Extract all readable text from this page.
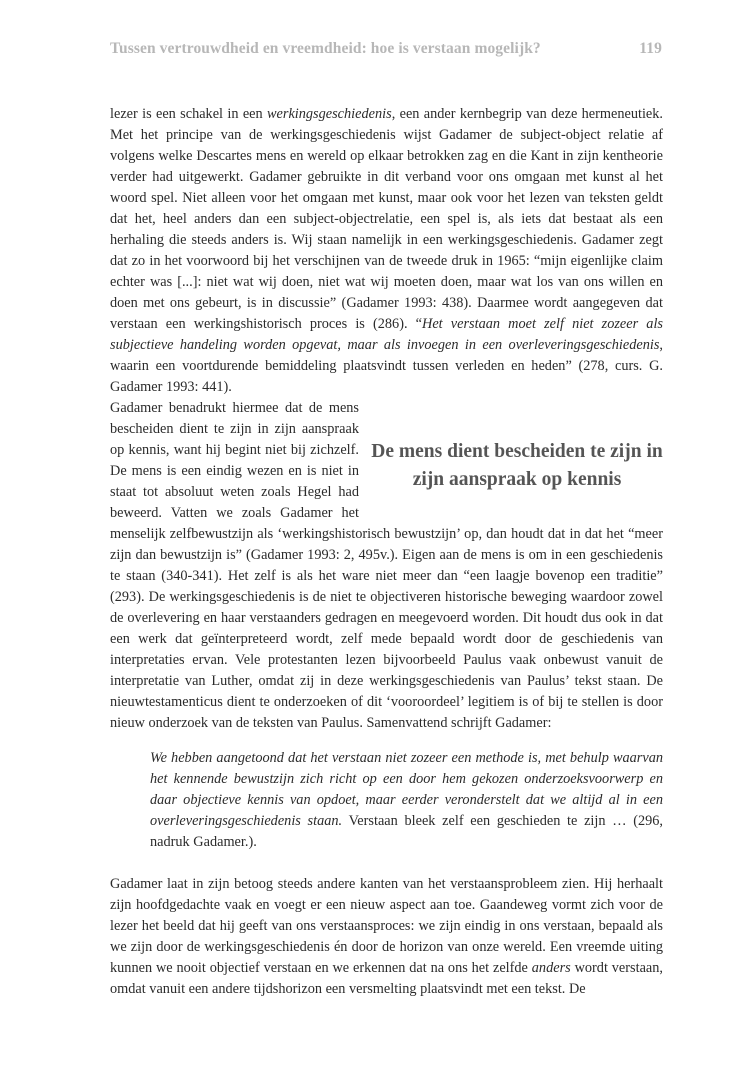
Tussen vertrouwdheid en vreemdheid: hoe is verstaan mogelijk?	119

lezer is een schakel in een werkingsgeschiedenis, een ander kernbegrip van deze hermeneutiek. Met het principe van de werkingsgeschiedenis wijst Gadamer de subject-object relatie af volgens welke Descartes mens en wereld op elkaar betrokken zag en die Kant in zijn kentheorie verder had uitgewerkt. Gadamer gebruikte in dit verband voor ons omgaan met kunst al het woord spel. Niet alleen voor het omgaan met kunst, maar ook voor het lezen van teksten geldt dat het, heel anders dan een subject-objectrelatie, een spel is, als iets dat bestaat als een herhaling die steeds anders is. Wij staan namelijk in een werkingsgeschiedenis. Gadamer zegt dat zo in het voorwoord bij het verschijnen van de tweede druk in 1965: “mijn eigenlijke claim echter was [...]: niet wat wij doen, niet wat wij moeten doen, maar wat los van ons willen en doen met ons gebeurt, is in discussie” (Gadamer 1993: 438). Daarmee wordt aangegeven dat verstaan een werkingshistorisch proces is (286). “Het verstaan moet zelf niet zozeer als subjectieve handeling worden opgevat, maar als invoegen in een overleveringsgeschiedenis, waarin een voortdurende bemiddeling plaatsvindt tussen verleden en heden” (278, curs. G. Gadamer 1993: 441).

De mens dient bescheiden te zijn in zijn aanspraak op kennis

Gadamer benadrukt hiermee dat de mens bescheiden dient te zijn in zijn aanspraak op kennis, want hij begint niet bij zichzelf. De mens is een eindig wezen en is niet in staat tot absoluut weten zoals Hegel had beweerd. Vatten we zoals Gadamer het menselijk zelfbewustzijn als ‘werkingshistorisch bewustzijn’ op, dan houdt dat in dat het “meer zijn dan bewustzijn is” (Gadamer 1993: 2, 495v.). Eigen aan de mens is om in een geschiedenis te staan (340-341). Het zelf is als het ware niet meer dan “een laagje bovenop een traditie” (293). De werkingsgeschiedenis is de niet te objectiveren historische beweging waardoor zowel de overlevering en haar verstaanders gedragen en meegevoerd worden. Dit houdt dus ook in dat een werk dat geïnterpreteerd wordt, zelf mede bepaald wordt door de geschiedenis van interpretaties ervan. Vele protestanten lezen bijvoorbeeld Paulus vaak onbewust vanuit de interpretatie van Luther, omdat zij in deze werkingsgeschiedenis van Paulus’ tekst staan. De nieuwtestamenticus dient te onderzoeken of dit ‘vooroordeel’ legitiem is of bij te stellen is door nieuw onderzoek van de teksten van Paulus. Samenvattend schrijft Gadamer:

We hebben aangetoond dat het verstaan niet zozeer een methode is, met behulp waarvan het kennende bewustzijn zich richt op een door hem gekozen onderzoeksvoorwerp en daar objectieve kennis van opdoet, maar eerder veronderstelt dat we altijd al in een overleveringsgeschiedenis staan. Verstaan bleek zelf een geschieden te zijn … (296, nadruk Gadamer.).

Gadamer laat in zijn betoog steeds andere kanten van het verstaansprobleem zien. Hij herhaalt zijn hoofdgedachte vaak en voegt er een nieuw aspect aan toe. Gaandeweg vormt zich voor de lezer het beeld dat hij geeft van ons verstaansproces: we zijn eindig in ons verstaan, bepaald als we zijn door de werkingsgeschiedenis én door de horizon van onze wereld. Een vreemde uiting kunnen we nooit objectief verstaan en we erkennen dat na ons het zelfde anders wordt verstaan, omdat vanuit een andere tijdshorizon een versmelting plaatsvindt met een tekst. De
